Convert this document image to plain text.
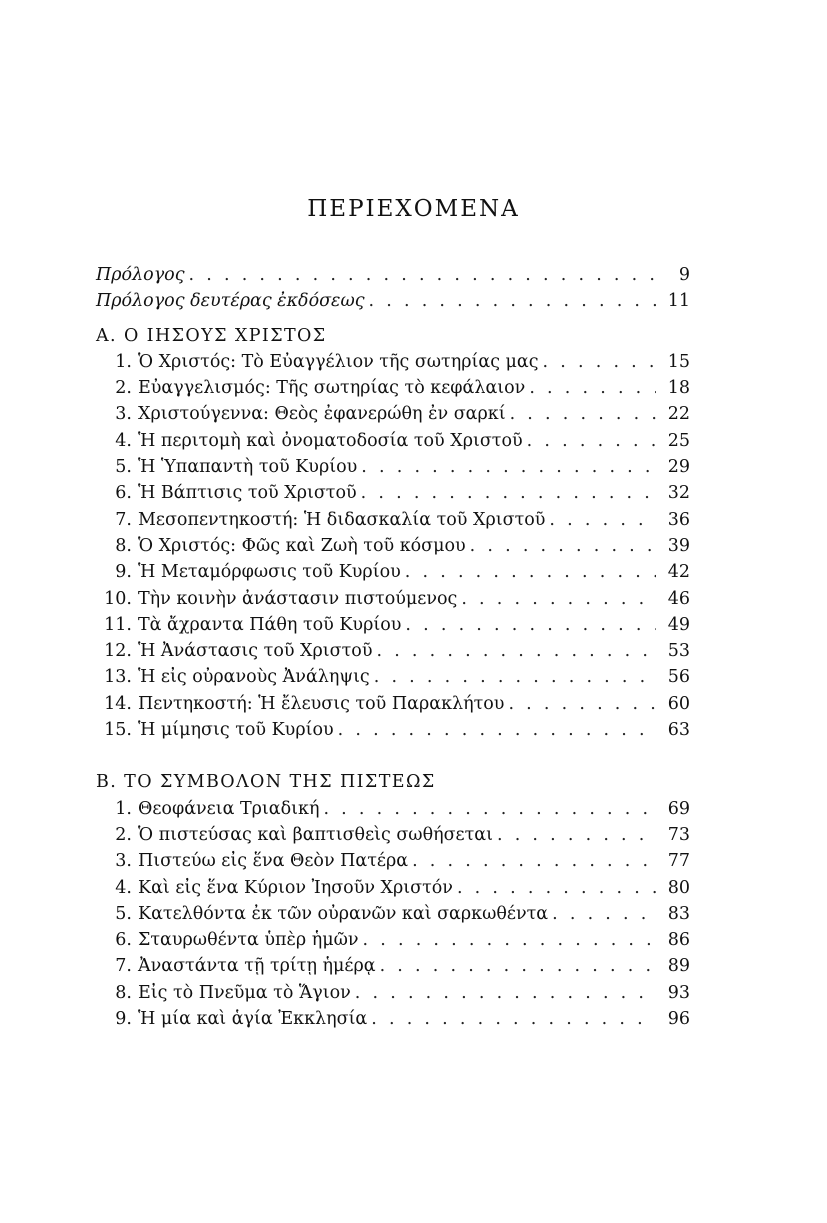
ΠΕΡΙΕΧΟΜΕΝΑ
Πρόλογος . . .	9
Πρόλογος δευτέρας ἐκδόσεως . . .	11
Α. Ο ΙΗΣΟΥΣ ΧΡΙΣΤΟΣ
1. Ὁ Χριστός: Τὸ Εὐαγγέλιον τῆς σωτηρίας μας . . .	15
2. Εὐαγγελισμός: Τῆς σωτηρίας τὸ κεφάλαιον . . .	18
3. Χριστούγεννα: Θεὸς ἐφανερώθη ἐν σαρκί . . .	22
4. Ἡ περιτομὴ καὶ ὀνοματοδοσία τοῦ Χριστοῦ . . .	25
5. Ἡ Ὑπαπαντὴ τοῦ Κυρίου . . .	29
6. Ἡ Βάπτισις τοῦ Χριστοῦ . . .	32
7. Μεσοπεντηκοστή: Ἡ διδασκαλία τοῦ Χριστοῦ . . .	36
8. Ὁ Χριστός: Φῶς καὶ Ζωὴ τοῦ κόσμου . . .	39
9. Ἡ Μεταμόρφωσις τοῦ Κυρίου . . .	42
10. Τὴν κοινὴν ἀνάστασιν πιστούμενος . . .	46
11. Τὰ ἄχραντα Πάθη τοῦ Κυρίου . . .	49
12. Ἡ Ἀνάστασις τοῦ Χριστοῦ . . .	53
13. Ἡ εἰς οὐρανοὺς Ἀνάληψις . . .	56
14. Πεντηκοστή: Ἡ ἔλευσις τοῦ Παρακλήτου . . .	60
15. Ἡ μίμησις τοῦ Κυρίου . . .	63
Β. ΤΟ ΣΥΜΒΟΛΟΝ ΤΗΣ ΠΙΣΤΕΩΣ
1. Θεοφάνεια Τριαδική . . .	69
2. Ὁ πιστεύσας καὶ βαπτισθεὶς σωθήσεται . . .	73
3. Πιστεύω εἰς ἕνα Θεὸν Πατέρα . . .	77
4. Καὶ εἰς ἕνα Κύριον Ἰησοῦν Χριστόν . . .	80
5. Κατελθόντα ἐκ τῶν οὐρανῶν καὶ σαρκωθέντα . . .	83
6. Σταυρωθέντα ὑπὲρ ἡμῶν . . .	86
7. Ἀναστάντα τῇ τρίτῃ ἡμέρᾳ . . .	89
8. Εἰς τὸ Πνεῦμα τὸ Ἅγιον . . .	93
9. Ἡ μία καὶ ἁγία Ἐκκλησία . . .	96
